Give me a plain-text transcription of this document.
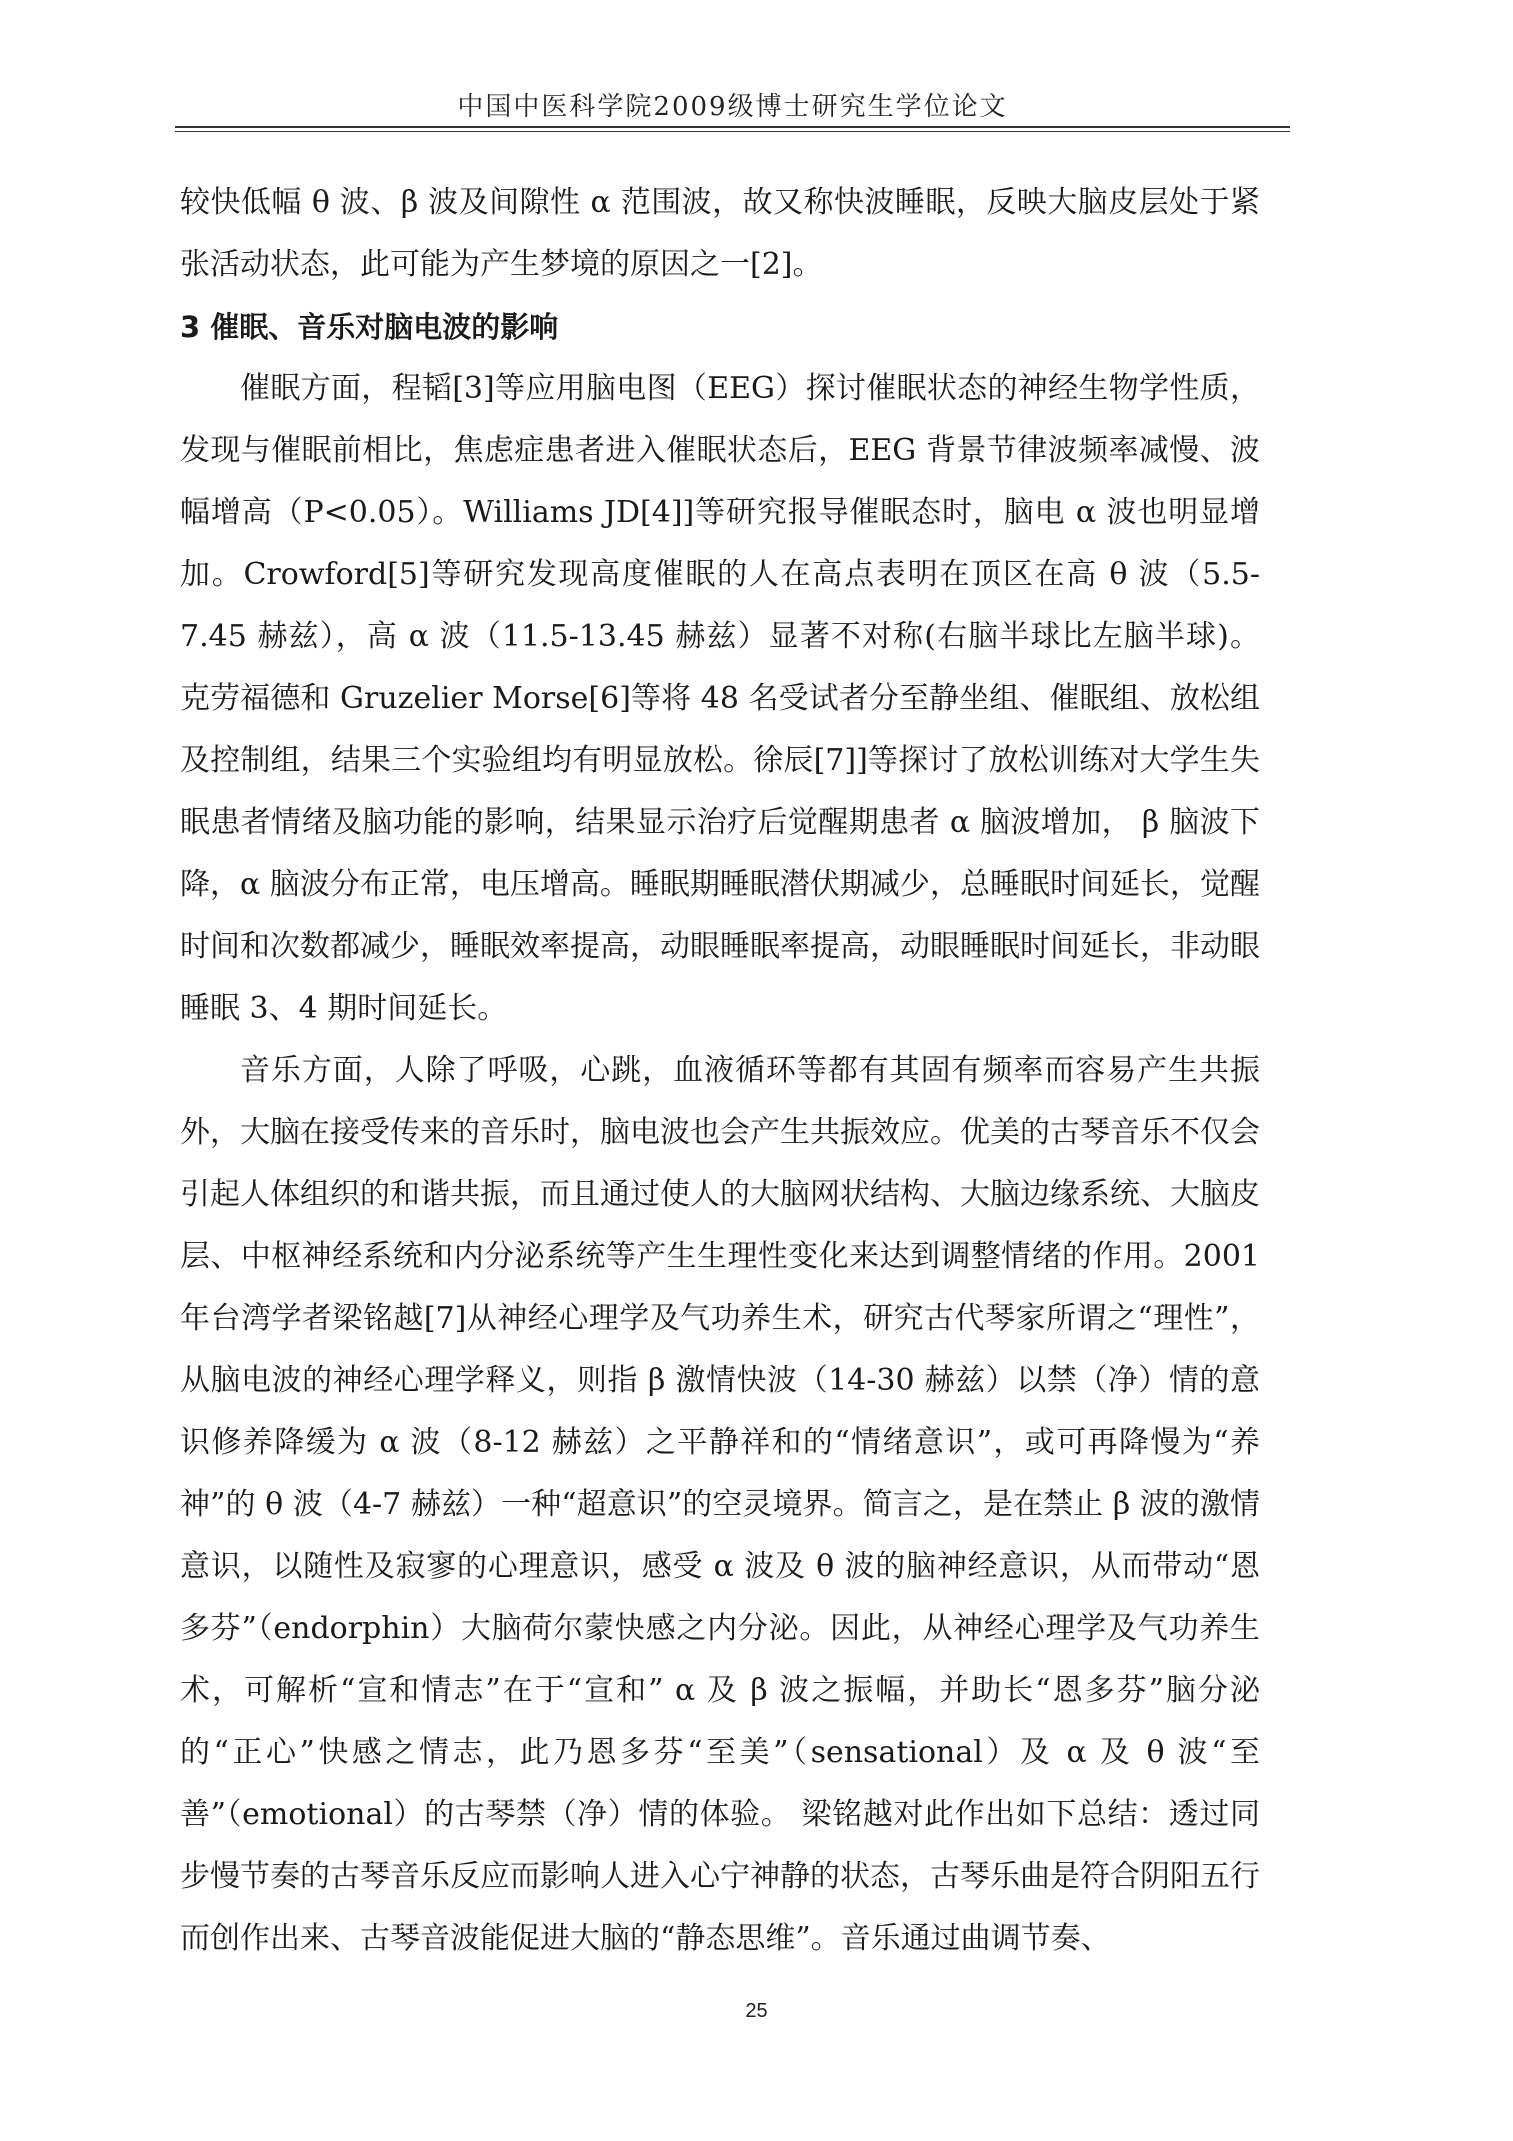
中国中医科学院2009级博士研究生学位论文

较快低幅 θ 波、β 波及间隙性 α 范围波，故又称快波睡眠，反映大脑皮层处于紧张活动状态，此可能为产生梦境的原因之一[2]。

3 催眠、音乐对脑电波的影响

催眠方面，程韬[3]等应用脑电图（EEG）探讨催眠状态的神经生物学性质，发现与催眠前相比，焦虑症患者进入催眠状态后，EEG 背景节律波频率减慢、波幅增高（P<0.05）。Williams JD[4]]等研究报导催眠态时，脑电 α 波也明显增加。Crowford[5]等研究发现高度催眠的人在高点表明在顶区在高 θ 波（5.5-7.45 赫兹），高 α 波（11.5-13.45 赫兹）显著不对称(右脑半球比左脑半球)。 克劳福德和 Gruzelier Morse[6]等将 48 名受试者分至静坐组、催眠组、放松组及控制组，结果三个实验组均有明显放松。徐辰[7]]等探讨了放松训练对大学生失眠患者情绪及脑功能的影响，结果显示治疗后觉醒期患者 α 脑波增加， β 脑波下降，α 脑波分布正常，电压增高。睡眠期睡眠潜伏期减少，总睡眠时间延长，觉醒时间和次数都减少，睡眠效率提高，动眼睡眠率提高，动眼睡眠时间延长，非动眼睡眠 3、4 期时间延长。

音乐方面，人除了呼吸，心跳，血液循环等都有其固有频率而容易产生共振外，大脑在接受传来的音乐时，脑电波也会产生共振效应。优美的古琴音乐不仅会引起人体组织的和谐共振，而且通过使人的大脑网状结构、大脑边缘系统、大脑皮层、中枢神经系统和内分泌系统等产生生理性变化来达到调整情绪的作用。2001 年台湾学者梁铭越[7]从神经心理学及气功养生术，研究古代琴家所谓之“理性”，从脑电波的神经心理学释义，则指 β 激情快波（14-30 赫兹）以禁（净）情的意识修养降缓为 α 波（8-12 赫兹）之平静祥和的“情绪意识”，或可再降慢为“养神”的 θ 波（4-7 赫兹）一种“超意识”的空灵境界。简言之，是在禁止 β 波的激情意识，以随性及寂寥的心理意识，感受 α 波及 θ 波的脑神经意识，从而带动“恩多芬”（endorphin）大脑荷尔蒙快感之内分泌。因此，从神经心理学及气功养生术，可解析“宣和情志”在于“宣和” α 及 β 波之振幅，并助长“恩多芬”脑分泌的“正心”快感之情志，此乃恩多芬“至美”（sensational）及 α 及 θ 波“至善”（emotional）的古琴禁（净）情的体验。 梁铭越对此作出如下总结：透过同步慢节奏的古琴音乐反应而影响人进入心宁神静的状态，古琴乐曲是符合阴阳五行而创作出来、古琴音波能促进大脑的“静态思维”。音乐通过曲调节奏、

25
